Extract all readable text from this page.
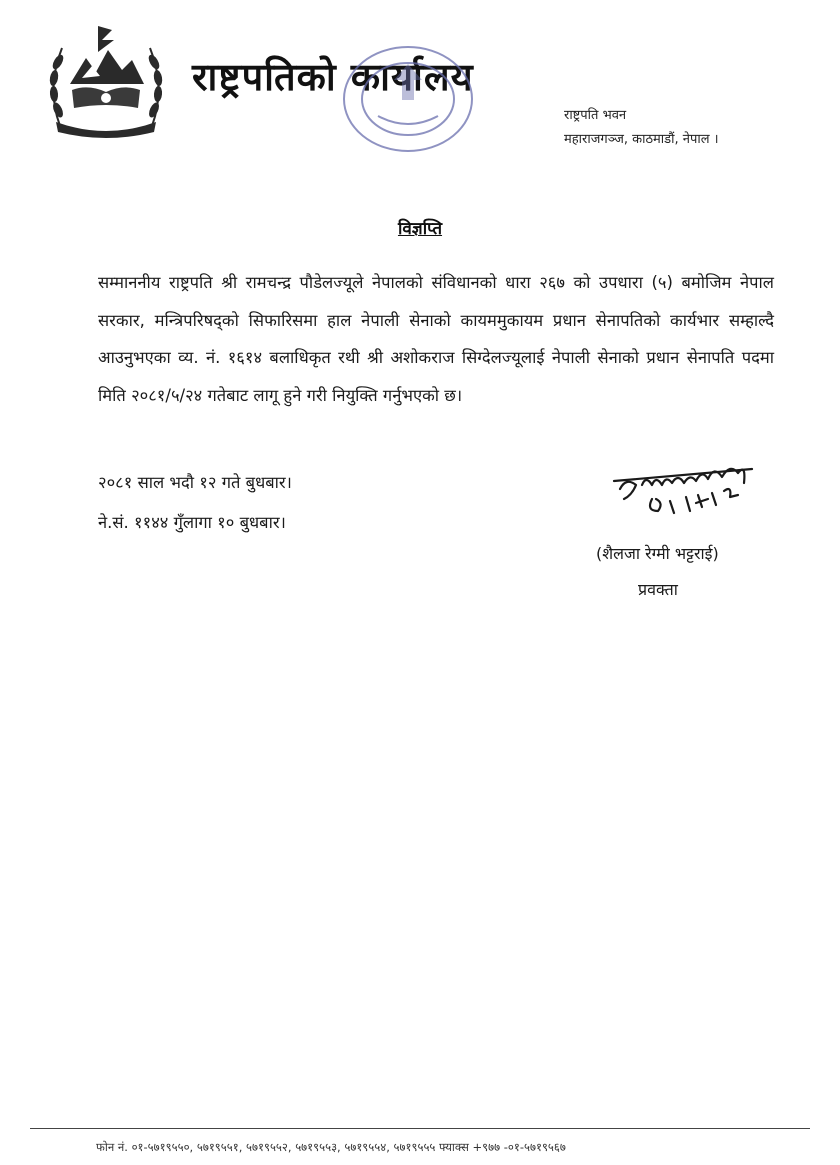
राष्ट्रपतिको कार्यालय
राष्ट्रपति भवन
महाराजगञ्ज, काठमाडौं, नेपाल ।
विज्ञप्ति

सम्माननीय राष्ट्रपति श्री रामचन्द्र पौडेलज्यूले नेपालको संविधानको धारा २६७ को उपधारा (५) बमोजिम नेपाल सरकार, मन्त्रिपरिषद्को सिफारिसमा हाल नेपाली सेनाको कायममुकायम प्रधान सेनापतिको कार्यभार सम्हाल्दै आउनुभएका व्य. नं. १६१४ बलाधिकृत रथी श्री अशोकराज सिग्देलज्यूलाई नेपाली सेनाको प्रधान सेनापति पदमा मिति २०८१/५/२४ गतेबाट लागू हुने गरी नियुक्ति गर्नुभएको छ।

२०८१ साल भदौ १२ गते बुधबार।
ने.सं. ११४४ गुँलागा १० बुधबार।
(शैलजा रेग्मी भट्टराई)
प्रवक्ता
फोन नं. ०१-५७१९५५०, ५७१९५५१, ५७१९५५२, ५७१९५५३, ५७१९५५४, ५७१९५५५ फ्याक्स +९७७ -०१-५७१९५६७
